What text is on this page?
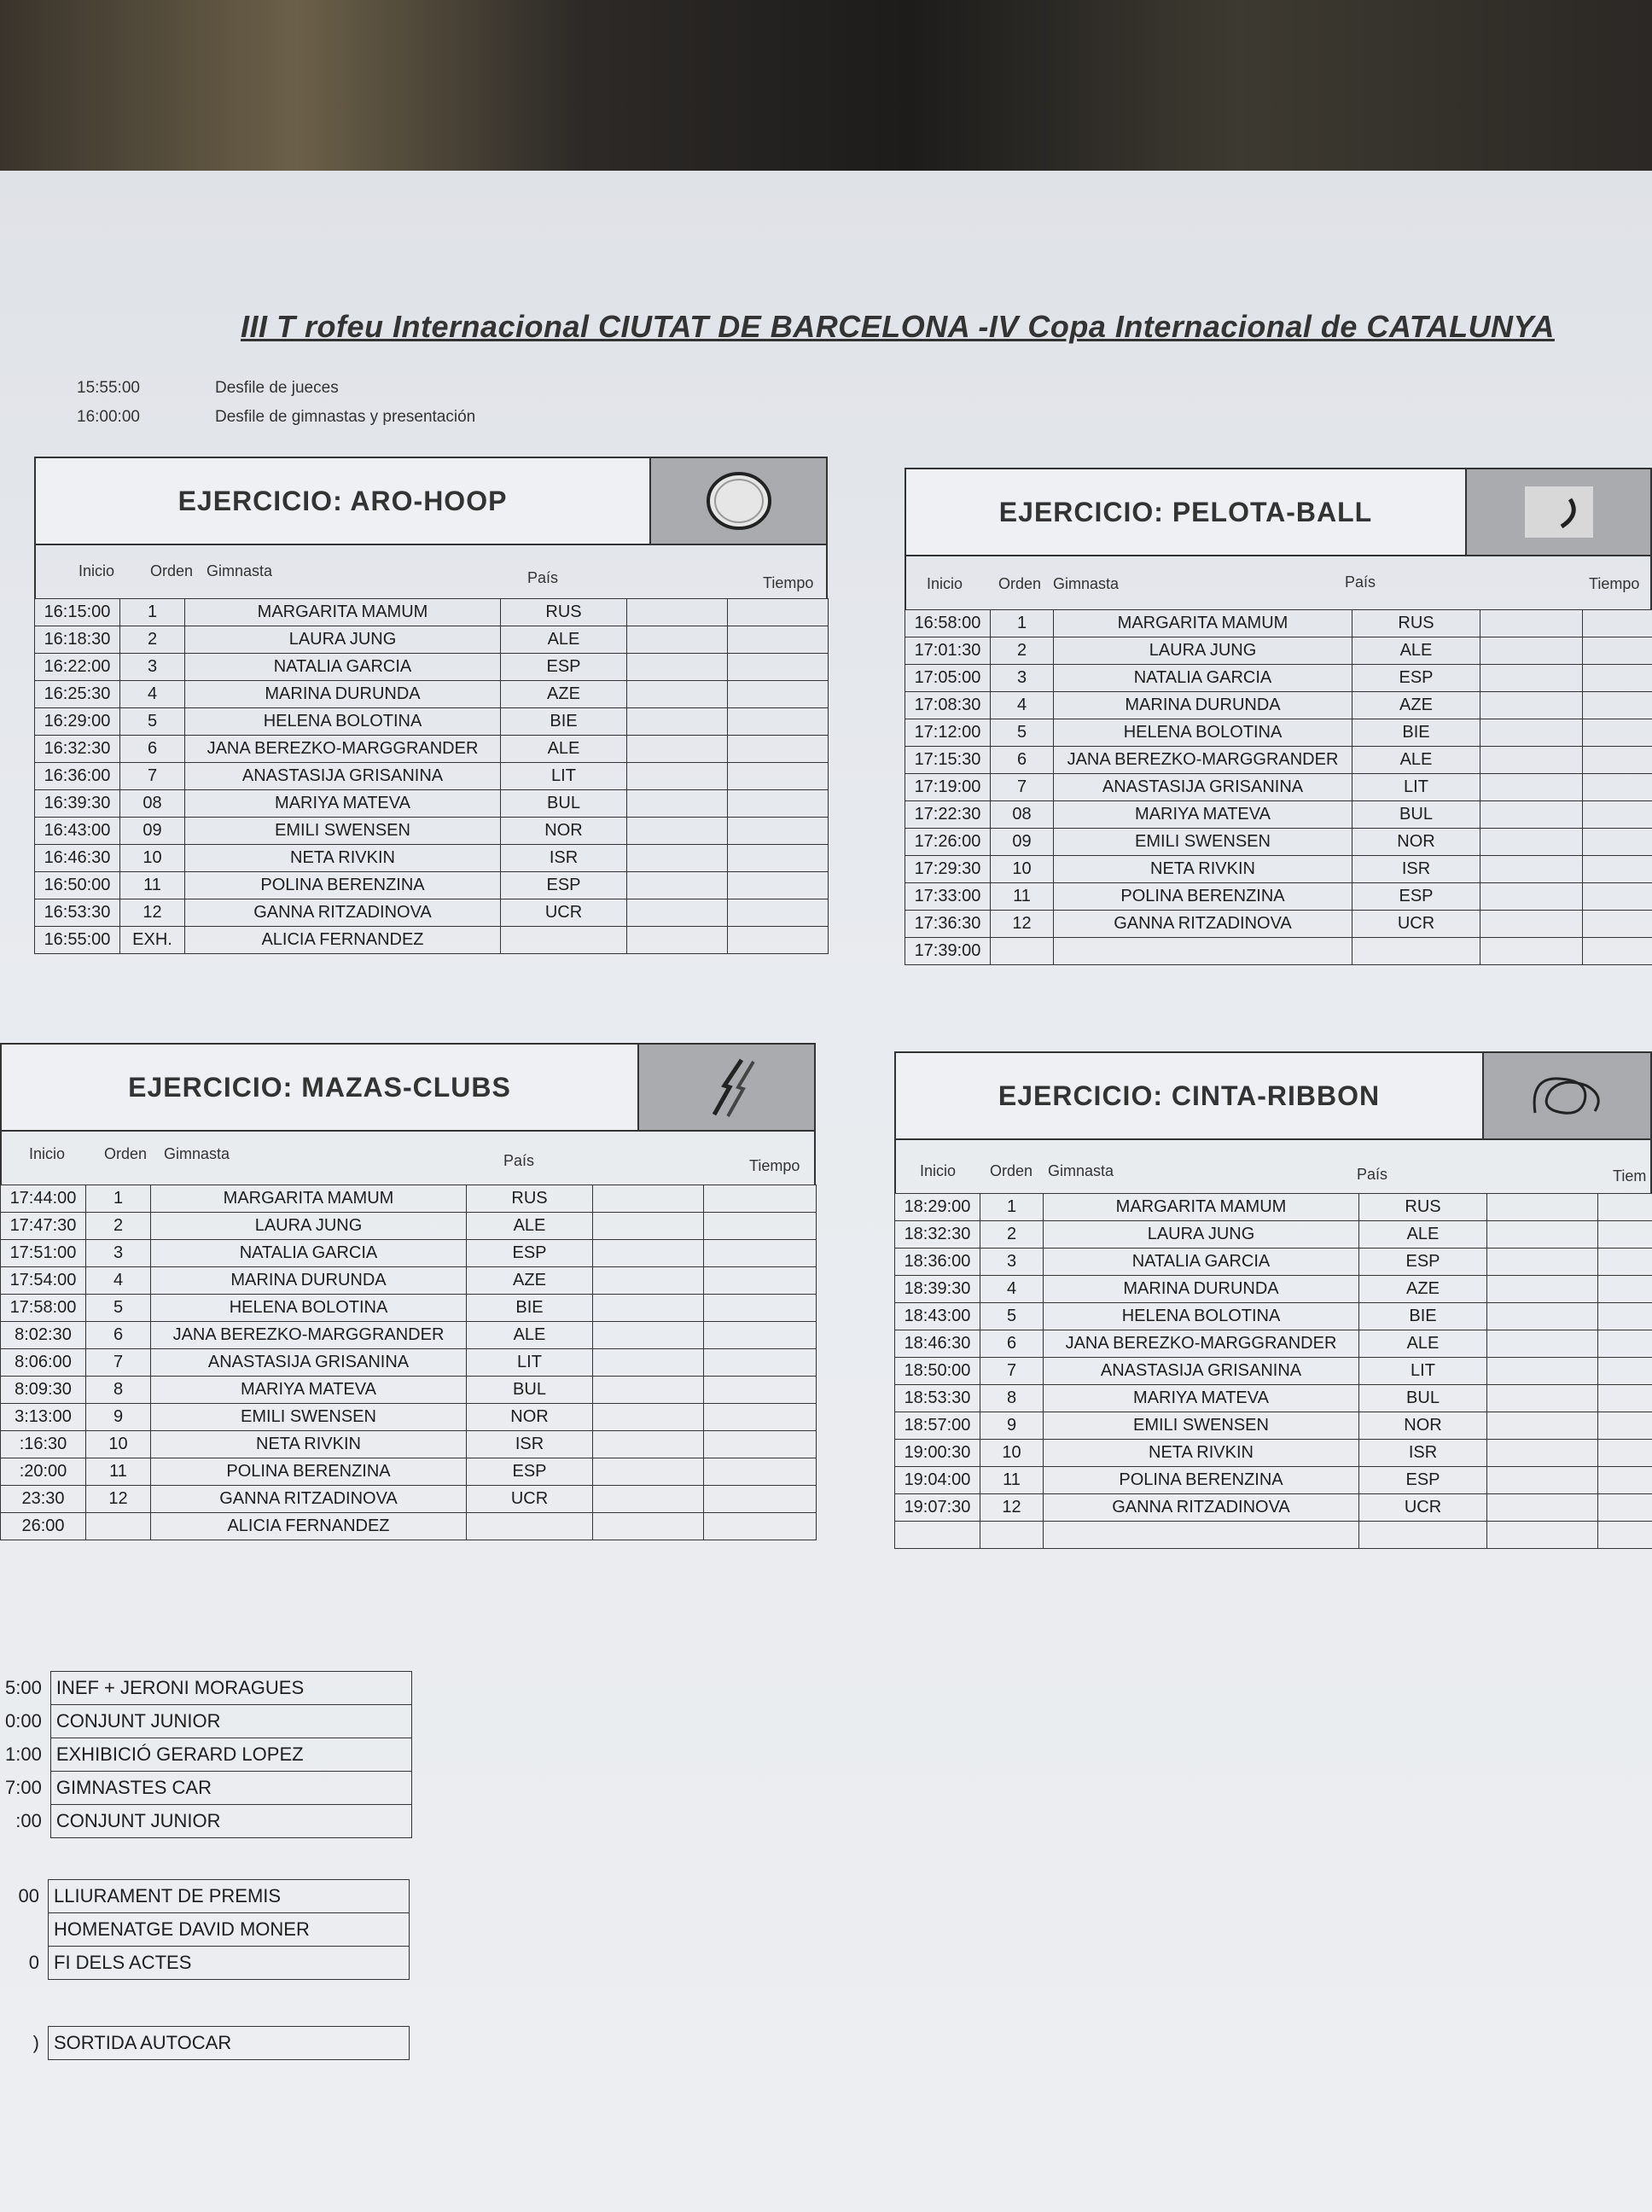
III T rofeu Internacional CIUTAT DE BARCELONA -IV Copa Internacional de CATALUNYA
15:55:00	Desfile de jueces
16:00:00	Desfile de gimnastas y presentación
EJERCICIO: ARO-HOOP
Inicio Orden Gimnasta	País	Tiempo
16:15:00	1	MARGARITA MAMUM	RUS		
16:18:30	2	LAURA JUNG	ALE		
16:22:00	3	NATALIA GARCIA	ESP		
16:25:30	4	MARINA DURUNDA	AZE		
16:29:00	5	HELENA BOLOTINA	BIE		
16:32:30	6	JANA BEREZKO-MARGGRANDER	ALE		
16:36:00	7	ANASTASIJA GRISANINA	LIT		
16:39:30	08	MARIYA MATEVA	BUL		
16:43:00	09	EMILI SWENSEN	NOR		
16:46:30	10	NETA RIVKIN	ISR		
16:50:00	11	POLINA BERENZINA	ESP		
16:53:30	12	GANNA RITZADINOVA	UCR		
16:55:00	EXH.	ALICIA FERNANDEZ			
EJERCICIO: PELOTA-BALL
Inicio Orden Gimnasta	País	Tiempo
16:58:00	1	MARGARITA MAMUM	RUS		
17:01:30	2	LAURA JUNG	ALE		
17:05:00	3	NATALIA GARCIA	ESP		
17:08:30	4	MARINA DURUNDA	AZE		
17:12:00	5	HELENA BOLOTINA	BIE		
17:15:30	6	JANA BEREZKO-MARGGRANDER	ALE		
17:19:00	7	ANASTASIJA GRISANINA	LIT		
17:22:30	08	MARIYA MATEVA	BUL		
17:26:00	09	EMILI SWENSEN	NOR		
17:29:30	10	NETA RIVKIN	ISR		
17:33:00	11	POLINA BERENZINA	ESP		
17:36:30	12	GANNA RITZADINOVA	UCR		
17:39:00					
EJERCICIO: MAZAS-CLUBS
Inicio	Orden Gimnasta	País	Tiempo
17:44:00	1	MARGARITA MAMUM	RUS		
17:47:30	2	LAURA JUNG	ALE		
17:51:00	3	NATALIA GARCIA	ESP		
17:54:00	4	MARINA DURUNDA	AZE		
17:58:00	5	HELENA BOLOTINA	BIE		
8:02:30	6	JANA BEREZKO-MARGGRANDER	ALE		
8:06:00	7	ANASTASIJA GRISANINA	LIT		
8:09:30	8	MARIYA MATEVA	BUL		
3:13:00	9	EMILI SWENSEN	NOR		
:16:30	10	NETA RIVKIN	ISR		
:20:00	11	POLINA BERENZINA	ESP		
23:30	12	GANNA RITZADINOVA	UCR		
26:00		ALICIA FERNANDEZ			
EJERCICIO: CINTA-RIBBON
Inicio Orden Gimnasta	País	Tiem
18:29:00	1	MARGARITA MAMUM	RUS		
18:32:30	2	LAURA JUNG	ALE		
18:36:00	3	NATALIA GARCIA	ESP		
18:39:30	4	MARINA DURUNDA	AZE		
18:43:00	5	HELENA BOLOTINA	BIE		
18:46:30	6	JANA BEREZKO-MARGGRANDER	ALE		
18:50:00	7	ANASTASIJA GRISANINA	LIT		
18:53:30	8	MARIYA MATEVA	BUL		
18:57:00	9	EMILI SWENSEN	NOR		
19:00:30	10	NETA RIVKIN	ISR		
19:04:00	11	POLINA BERENZINA	ESP		
19:07:30	12	GANNA RITZADINOVA	UCR		

5:00	INEF + JERONI MORAGUES
0:00	CONJUNT JUNIOR
1:00	EXHIBICIÓ GERARD LOPEZ
7:00	GIMNASTES CAR
:00	CONJUNT JUNIOR
00	LLIURAMENT DE PREMIS
	HOMENATGE DAVID MONER
0	FI DELS ACTES
)	SORTIDA AUTOCAR
